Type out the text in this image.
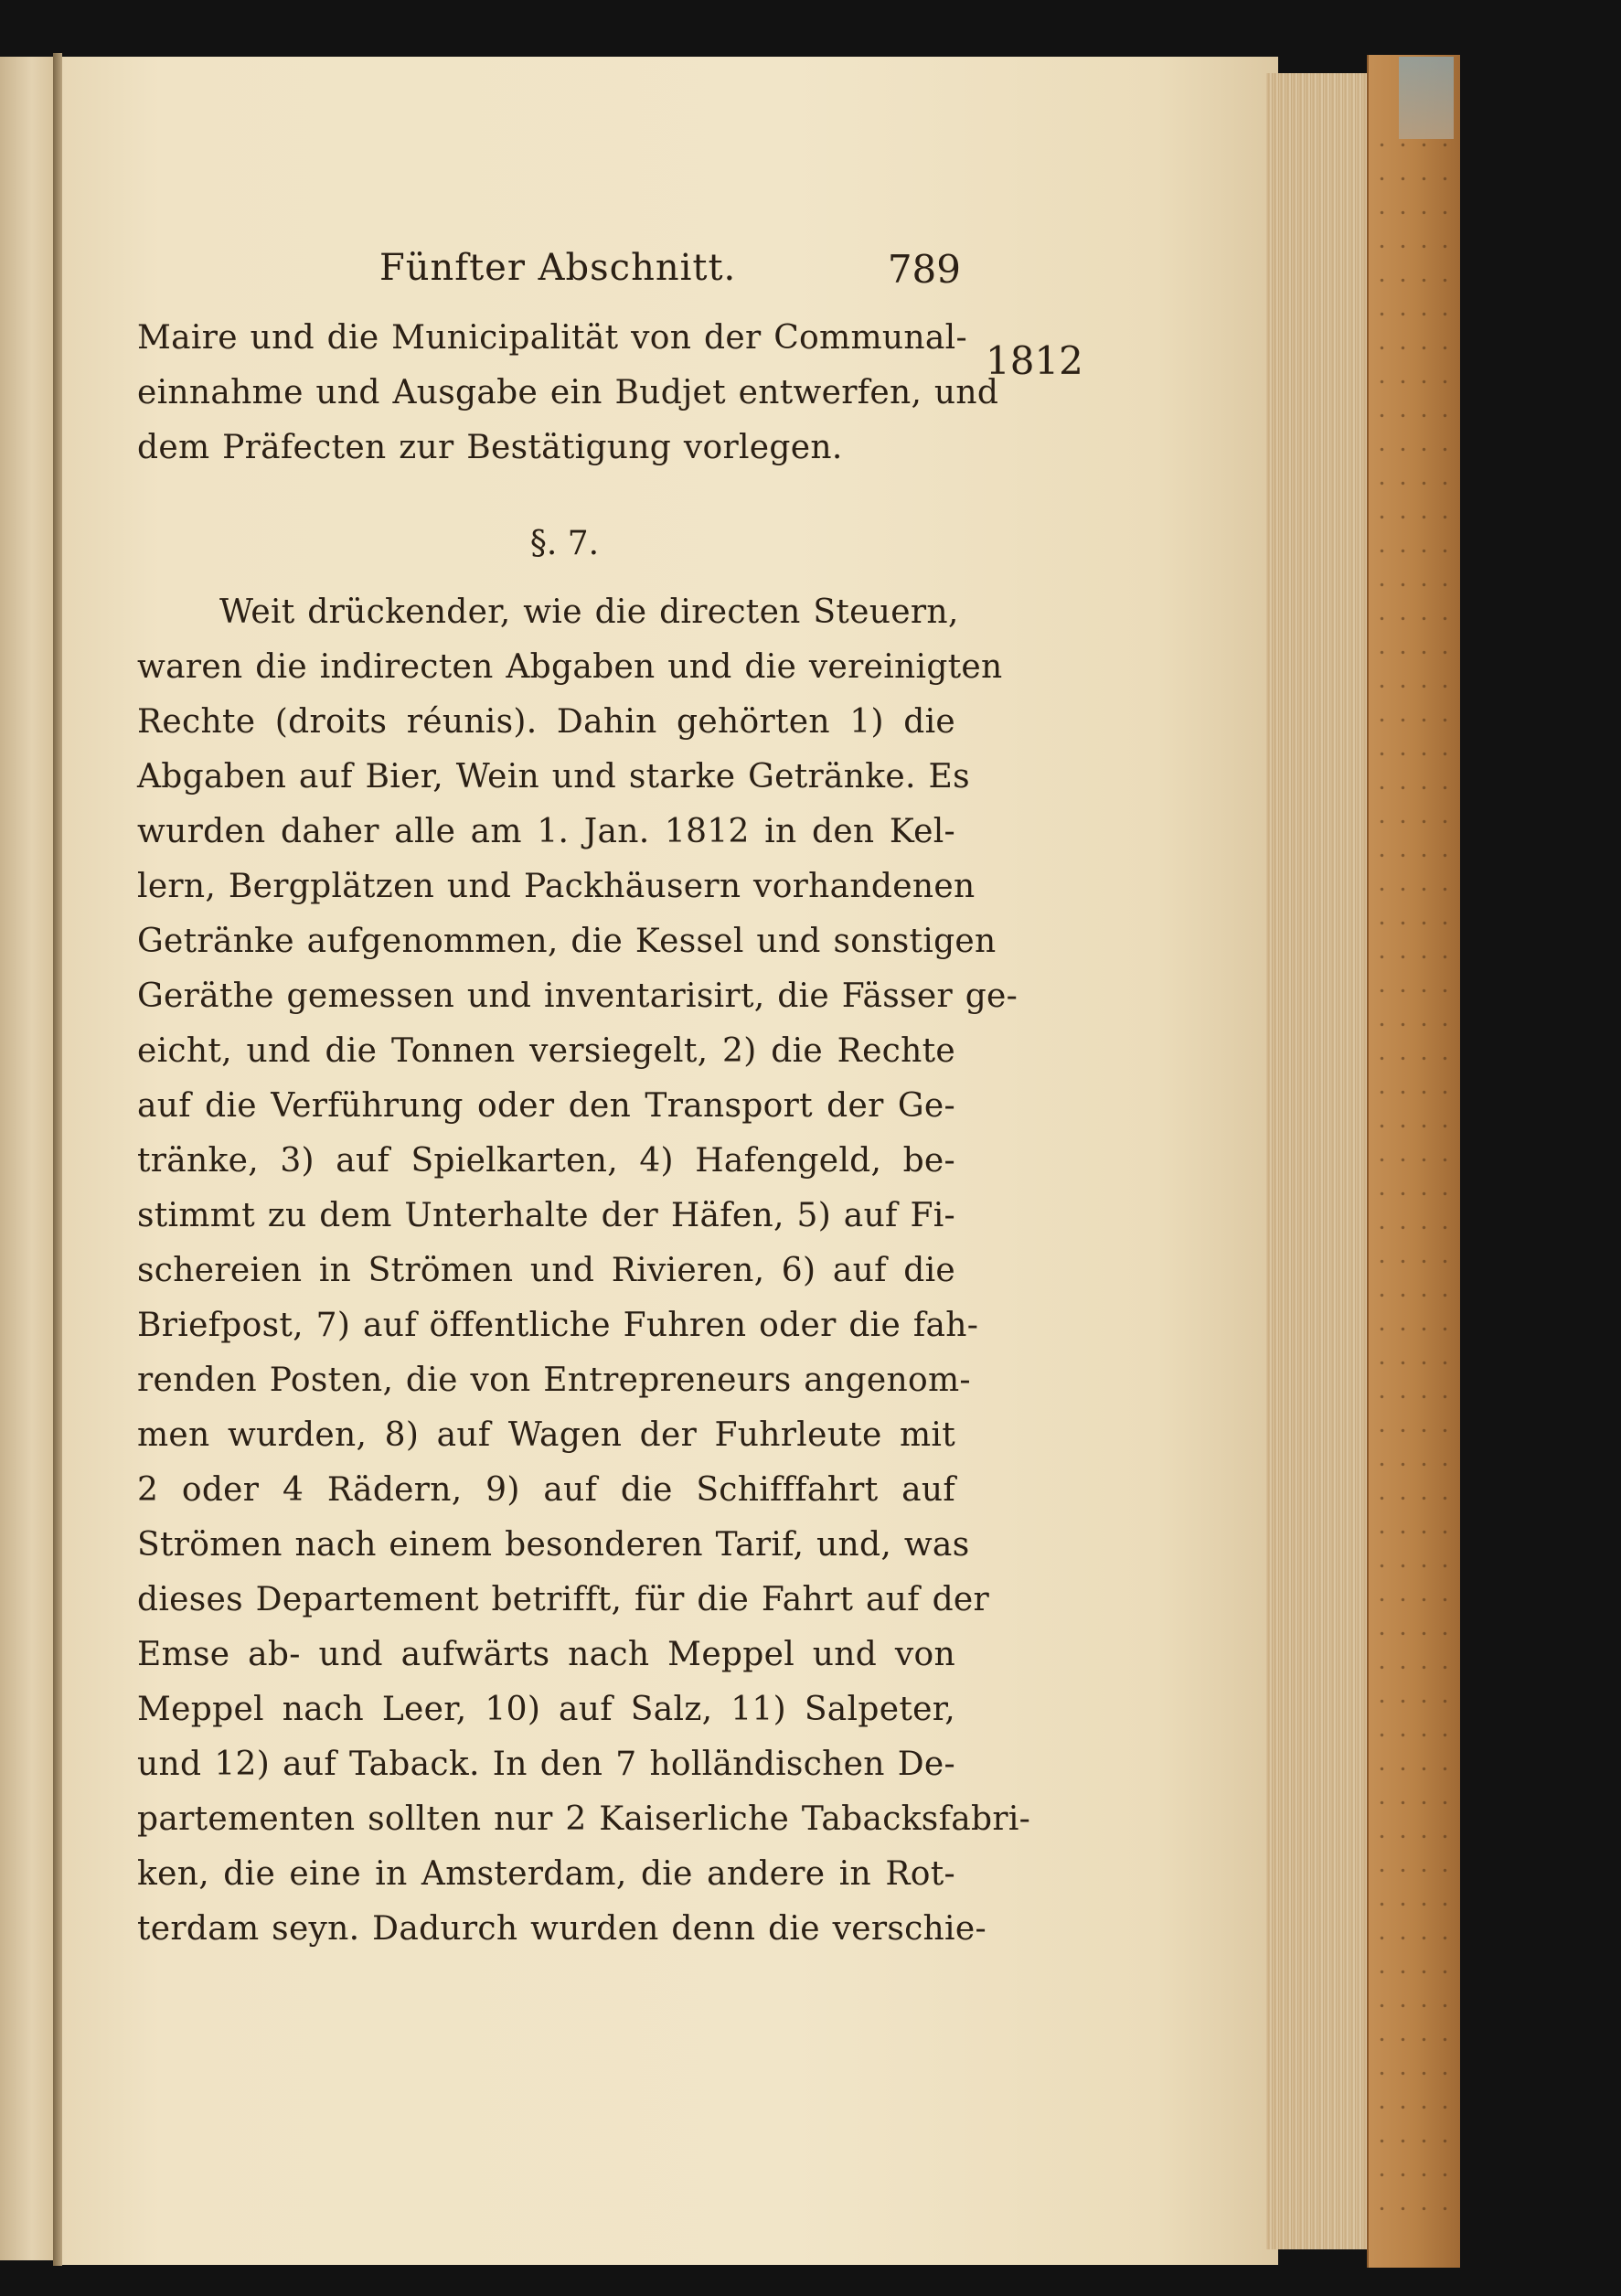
Fünfter Abschnitt.	789
Maire und die Municipalität von der Communal-
einnahme und Ausgabe ein Budjet entwerfen, und
dem Präfecten zur Bestätigung vorlegen.
§. 7.
Weit drückender, wie die directen Steuern,
waren die indirecten Abgaben und die vereinigten
Rechte (droits réunis). Dahin gehörten 1) die
Abgaben auf Bier, Wein und starke Getränke. Es
wurden daher alle am 1. Jan. 1812 in den Kel-
lern, Bergplätzen und Packhäusern vorhandenen
Getränke aufgenommen, die Kessel und sonstigen
Geräthe gemessen und inventarisirt, die Fässer ge-
eicht, und die Tonnen versiegelt, 2) die Rechte
auf die Verführung oder den Transport der Ge-
tränke, 3) auf Spielkarten, 4) Hafengeld, be-
stimmt zu dem Unterhalte der Häfen, 5) auf Fi-
schereien in Strömen und Rivieren, 6) auf die
Briefpost, 7) auf öffentliche Fuhren oder die fah-
renden Posten, die von Entrepreneurs angenom-
men wurden, 8) auf Wagen der Fuhrleute mit
2 oder 4 Rädern, 9) auf die Schifffahrt auf
Strömen nach einem besonderen Tarif, und, was
dieses Departement betrifft, für die Fahrt auf der
Emse ab- und aufwärts nach Meppel und von
Meppel nach Leer, 10) auf Salz, 11) Salpeter,
und 12) auf Taback. In den 7 holländischen De-
partementen sollten nur 2 Kaiserliche Tabacksfabri-
ken, die eine in Amsterdam, die andere in Rot-
terdam seyn. Dadurch wurden denn die verschie-
1812
